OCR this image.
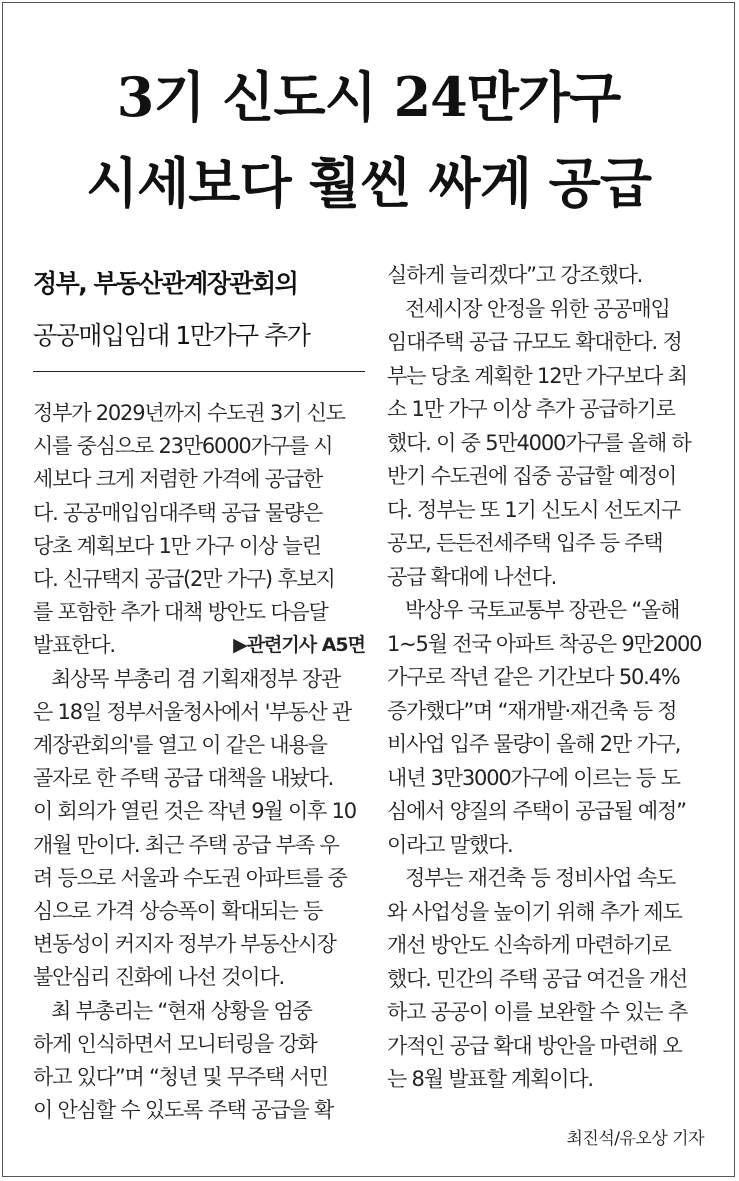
3기 신도시 24만가구
시세보다 훨씬 싸게 공급
정부, 부동산관계장관회의
공공매입임대 1만가구 추가
▶관련기사 A5면
정부가 2029년까지 수도권 3기 신도
시를 중심으로 23만6000가구를 시
세보다 크게 저렴한 가격에 공급한
다. 공공매입임대주택 공급 물량은
당초 계획보다 1만 가구 이상 늘린
다. 신규택지 공급(2만 가구) 후보지
를 포함한 추가 대책 방안도 다음달
발표한다.
최상목 부총리 겸 기획재정부 장관
은 18일 정부서울청사에서 '부동산 관
계장관회의'를 열고 이 같은 내용을
골자로 한 주택 공급 대책을 내놨다.
이 회의가 열린 것은 작년 9월 이후 10
개월 만이다. 최근 주택 공급 부족 우
려 등으로 서울과 수도권 아파트를 중
심으로 가격 상승폭이 확대되는 등
변동성이 커지자 정부가 부동산시장
불안심리 진화에 나선 것이다.
최 부총리는 “현재 상황을 엄중
하게 인식하면서 모니터링을 강화
하고 있다”며 “청년 및 무주택 서민
이 안심할 수 있도록 주택 공급을 확
실하게 늘리겠다”고 강조했다.
전세시장 안정을 위한 공공매입
임대주택 공급 규모도 확대한다. 정
부는 당초 계획한 12만 가구보다 최
소 1만 가구 이상 추가 공급하기로
했다. 이 중 5만4000가구를 올해 하
반기 수도권에 집중 공급할 예정이
다. 정부는 또 1기 신도시 선도지구
공모, 든든전세주택 입주 등 주택
공급 확대에 나선다.
박상우 국토교통부 장관은 “올해
1~5월 전국 아파트 착공은 9만2000
가구로 작년 같은 기간보다 50.4%
증가했다”며 “재개발·재건축 등 정
비사업 입주 물량이 올해 2만 가구,
내년 3만3000가구에 이르는 등 도
심에서 양질의 주택이 공급될 예정”
이라고 말했다.
정부는 재건축 등 정비사업 속도
와 사업성을 높이기 위해 추가 제도
개선 방안도 신속하게 마련하기로
했다. 민간의 주택 공급 여건을 개선
하고 공공이 이를 보완할 수 있는 추
가적인 공급 확대 방안을 마련해 오
는 8월 발표할 계획이다.
최진석/유오상 기자
